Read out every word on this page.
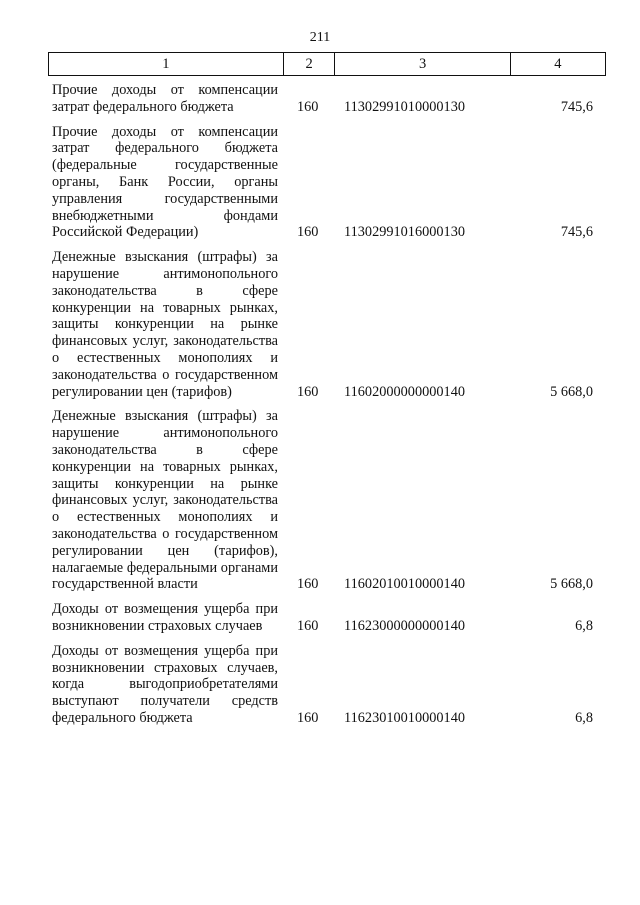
211
1	2	3	4
Прочие доходы от компенсации затрат федерального бюджета	160 11302991010000130	745,6
Прочие доходы от компенсации затрат федерального бюджета (федеральные государственные органы, Банк России, органы управления государственными внебюджетными фондами Российской Федерации)	160 11302991016000130	745,6
Денежные взыскания (штрафы) за нарушение антимонопольного законодательства в сфере конкуренции на товарных рынках, защиты конкуренции на рынке финансовых услуг, законодательства о естественных монополиях и законодательства о государственном регулировании цен (тарифов)	160 11602000000000140	5 668,0
Денежные взыскания (штрафы) за нарушение антимонопольного законодательства в сфере конкуренции на товарных рынках, защиты конкуренции на рынке финансовых услуг, законодательства о естественных монополиях и законодательства о государственном регулировании цен (тарифов), налагаемые федеральными органами государственной власти	160 11602010010000140	5 668,0
Доходы от возмещения ущерба при возникновении страховых случаев	160 11623000000000140	6,8
Доходы от возмещения ущерба при возникновении страховых случаев, когда выгодоприобретателями выступают получатели средств федерального бюджета	160 11623010010000140	6,8
